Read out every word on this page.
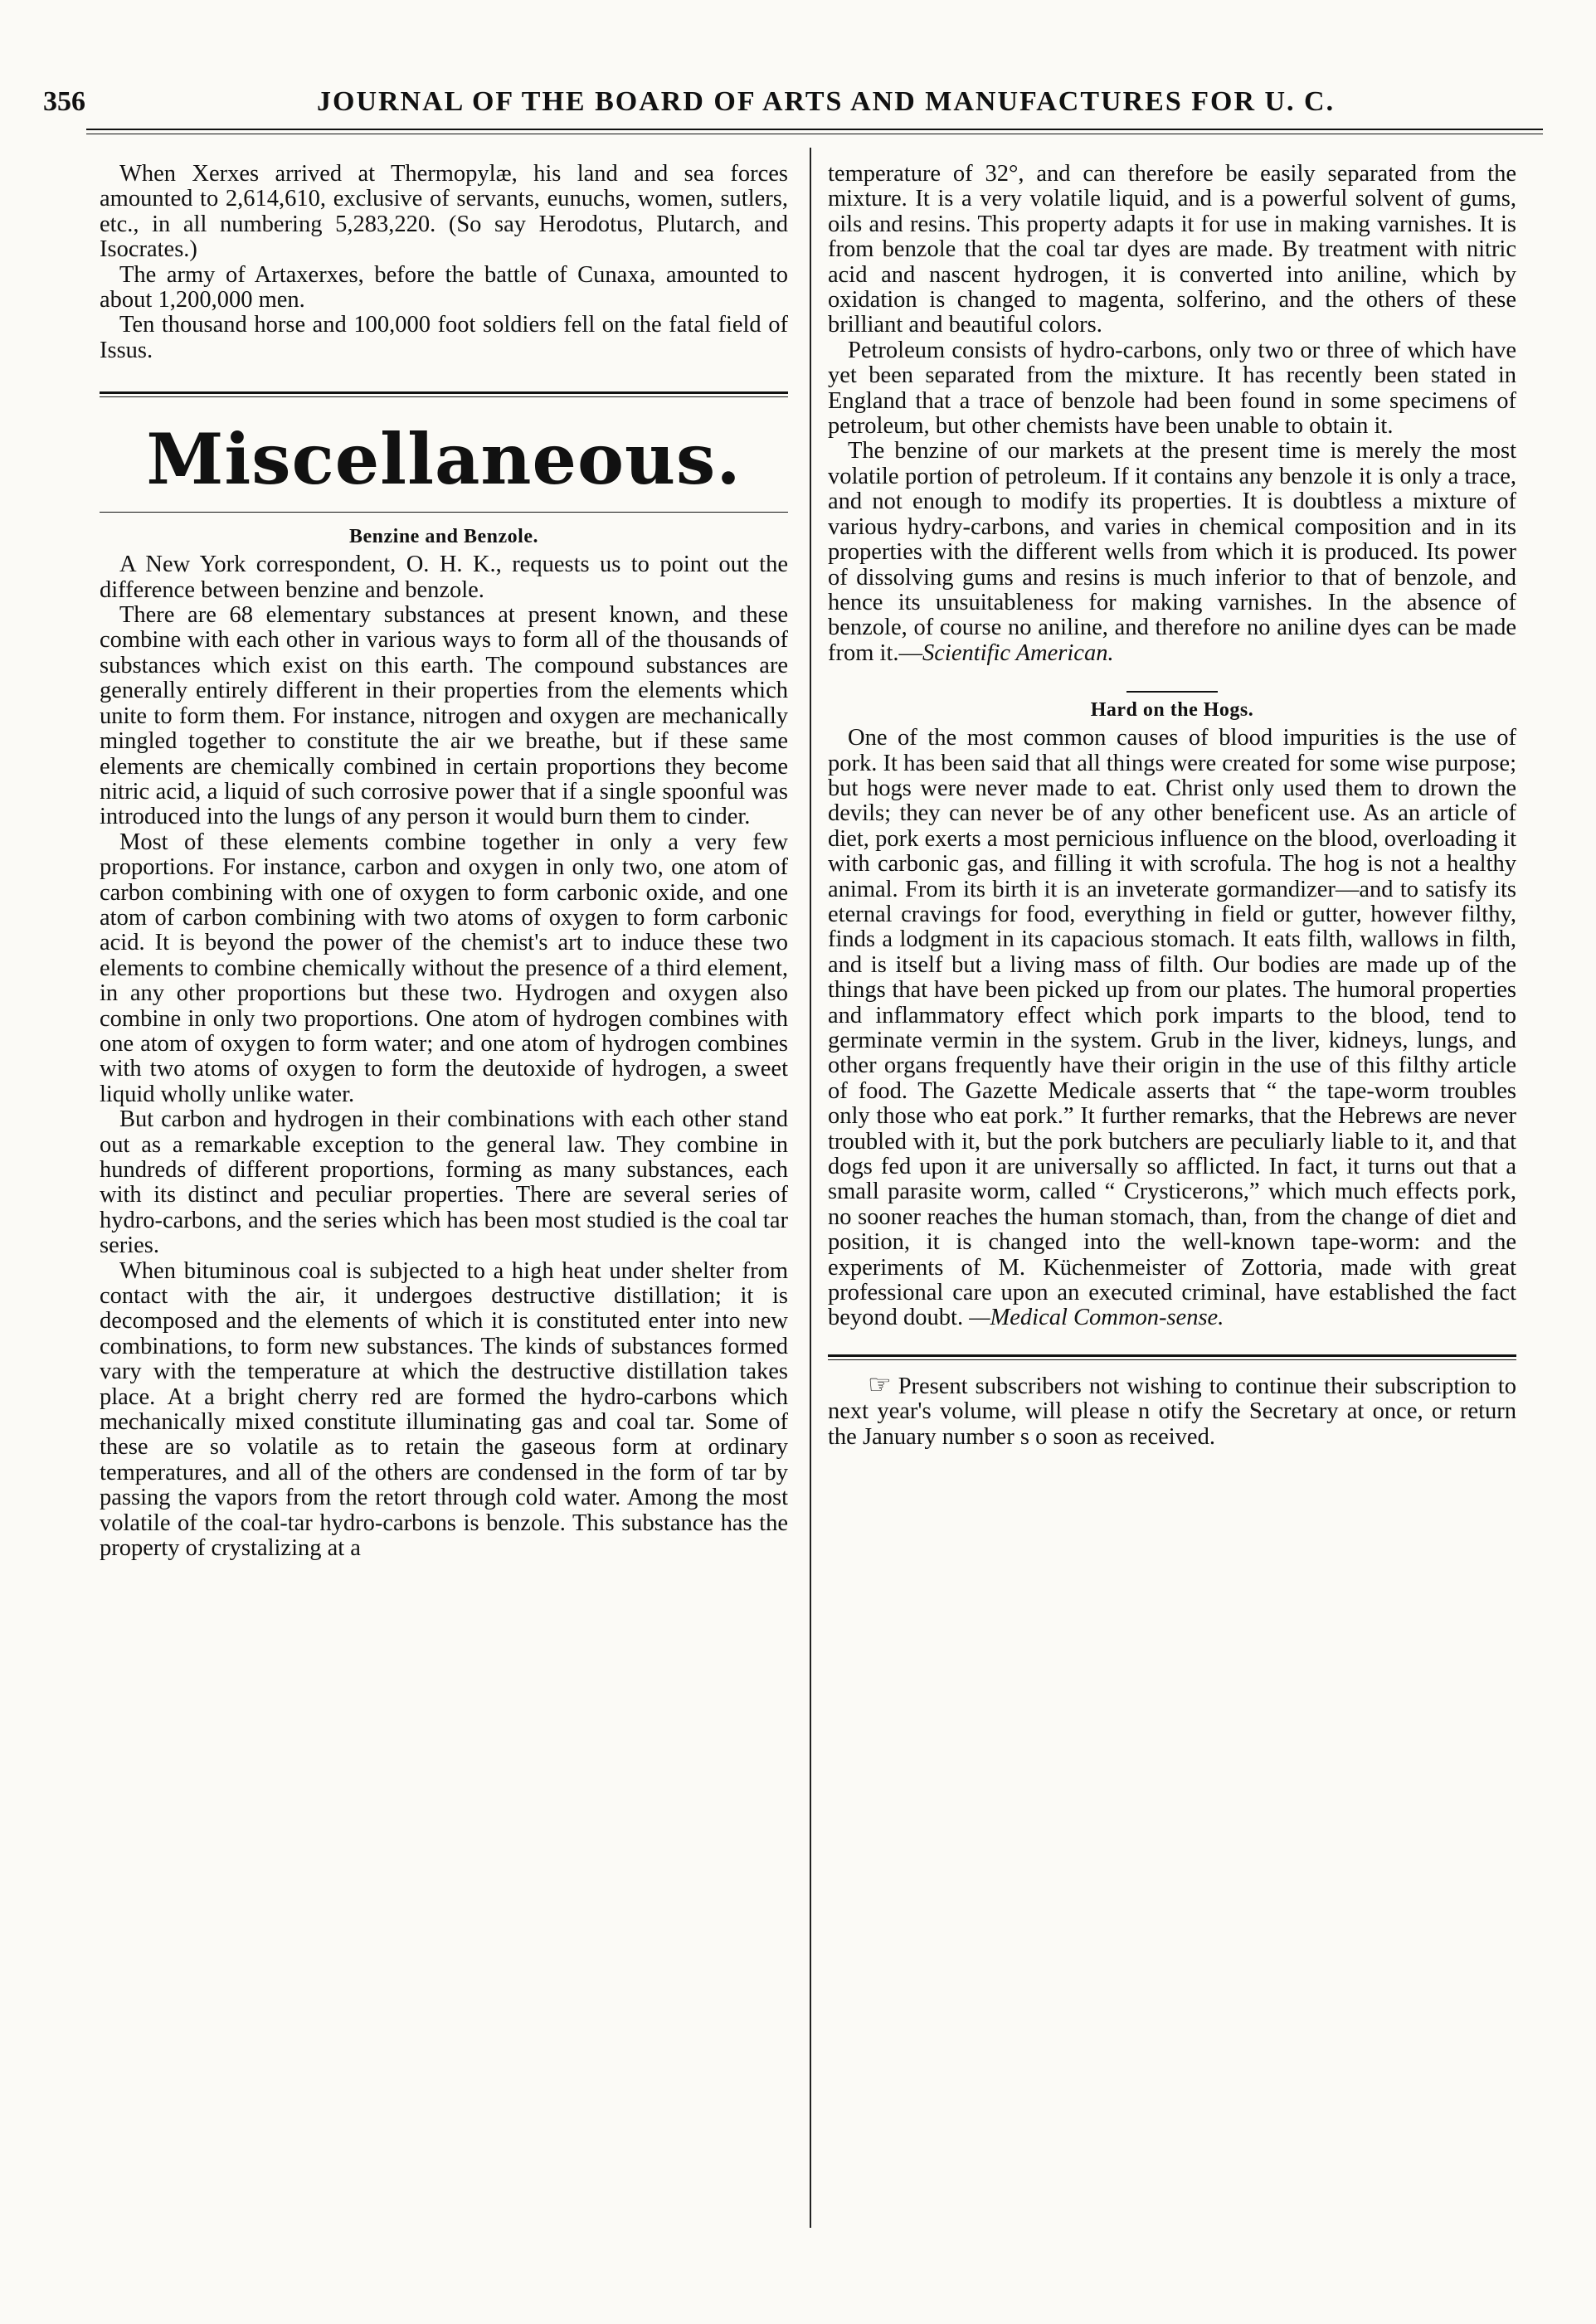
356	JOURNAL OF THE BOARD OF ARTS AND MANUFACTURES FOR U. C.

When Xerxes arrived at Thermopylæ, his land and sea forces amounted to 2,614,610, exclusive of servants, eunuchs, women, sutlers, etc., in all numbering 5,283,220. (So say Herodotus, Plutarch, and Isocrates.)

The army of Artaxerxes, before the battle of Cunaxa, amounted to about 1,200,000 men.

Ten thousand horse and 100,000 foot soldiers fell on the fatal field of Issus.

Miscellaneous.
Benzine and Benzole.

A New York correspondent, O. H. K., requests us to point out the difference between benzine and benzole.

There are 68 elementary substances at present known, and these combine with each other in various ways to form all of the thousands of substances which exist on this earth. The compound substances are generally entirely different in their properties from the elements which unite to form them. For instance, nitrogen and oxygen are mechanically mingled together to constitute the air we breathe, but if these same elements are chemically combined in certain proportions they become nitric acid, a liquid of such corrosive power that if a single spoonful was introduced into the lungs of any person it would burn them to cinder.

Most of these elements combine together in only a very few proportions. For instance, carbon and oxygen in only two, one atom of carbon combining with one of oxygen to form carbonic oxide, and one atom of carbon combining with two atoms of oxygen to form carbonic acid. It is beyond the power of the chemist's art to induce these two elements to combine chemically without the presence of a third element, in any other proportions but these two. Hydrogen and oxygen also combine in only two proportions. One atom of hydrogen combines with one atom of oxygen to form water; and one atom of hydrogen combines with two atoms of oxygen to form the deutoxide of hydrogen, a sweet liquid wholly unlike water.

But carbon and hydrogen in their combinations with each other stand out as a remarkable exception to the general law. They combine in hundreds of different proportions, forming as many substances, each with its distinct and peculiar properties. There are several series of hydro-carbons, and the series which has been most studied is the coal tar series.

When bituminous coal is subjected to a high heat under shelter from contact with the air, it undergoes destructive distillation; it is decomposed and the elements of which it is constituted enter into new combinations, to form new substances. The kinds of substances formed vary with the temperature at which the destructive distillation takes place. At a bright cherry red are formed the hydro-carbons which mechanically mixed constitute illuminating gas and coal tar. Some of these are so volatile as to retain the gaseous form at ordinary temperatures, and all of the others are condensed in the form of tar by passing the vapors from the retort through cold water. Among the most volatile of the coal-tar hydro-carbons is benzole. This substance has the property of crystalizing at a

temperature of 32°, and can therefore be easily separated from the mixture. It is a very volatile liquid, and is a powerful solvent of gums, oils and resins. This property adapts it for use in making varnishes. It is from benzole that the coal tar dyes are made. By treatment with nitric acid and nascent hydrogen, it is converted into aniline, which by oxidation is changed to magenta, solferino, and the others of these brilliant and beautiful colors.

Petroleum consists of hydro-carbons, only two or three of which have yet been separated from the mixture. It has recently been stated in England that a trace of benzole had been found in some specimens of petroleum, but other chemists have been unable to obtain it.

The benzine of our markets at the present time is merely the most volatile portion of petroleum. If it contains any benzole it is only a trace, and not enough to modify its properties. It is doubtless a mixture of various hydry-carbons, and varies in chemical composition and in its properties with the different wells from which it is produced. Its power of dissolving gums and resins is much inferior to that of benzole, and hence its unsuitableness for making varnishes. In the absence of benzole, of course no aniline, and therefore no aniline dyes can be made from it.—Scientific American.

Hard on the Hogs.

One of the most common causes of blood impurities is the use of pork. It has been said that all things were created for some wise purpose; but hogs were never made to eat. Christ only used them to drown the devils; they can never be of any other beneficent use. As an article of diet, pork exerts a most pernicious influence on the blood, overloading it with carbonic gas, and filling it with scrofula. The hog is not a healthy animal. From its birth it is an inveterate gormandizer—and to satisfy its eternal cravings for food, everything in field or gutter, however filthy, finds a lodgment in its capacious stomach. It eats filth, wallows in filth, and is itself but a living mass of filth. Our bodies are made up of the things that have been picked up from our plates. The humoral properties and inflammatory effect which pork imparts to the blood, tend to germinate vermin in the system. Grub in the liver, kidneys, lungs, and other organs frequently have their origin in the use of this filthy article of food. The Gazette Medicale asserts that “ the tape-worm troubles only those who eat pork.” It further remarks, that the Hebrews are never troubled with it, but the pork butchers are peculiarly liable to it, and that dogs fed upon it are universally so afflicted. In fact, it turns out that a small parasite worm, called “ Crysticerons,” which much effects pork, no sooner reaches the human stomach, than, from the change of diet and position, it is changed into the well-known tape-worm: and the experiments of M. Küchenmeister of Zottoria, made with great professional care upon an executed criminal, have established the fact beyond doubt. —Medical Common-sense.

☞ Present subscribers not wishing to continue their subscription to next year's volume, will please n otify the Secretary at once, or return the January number s o soon as received.
